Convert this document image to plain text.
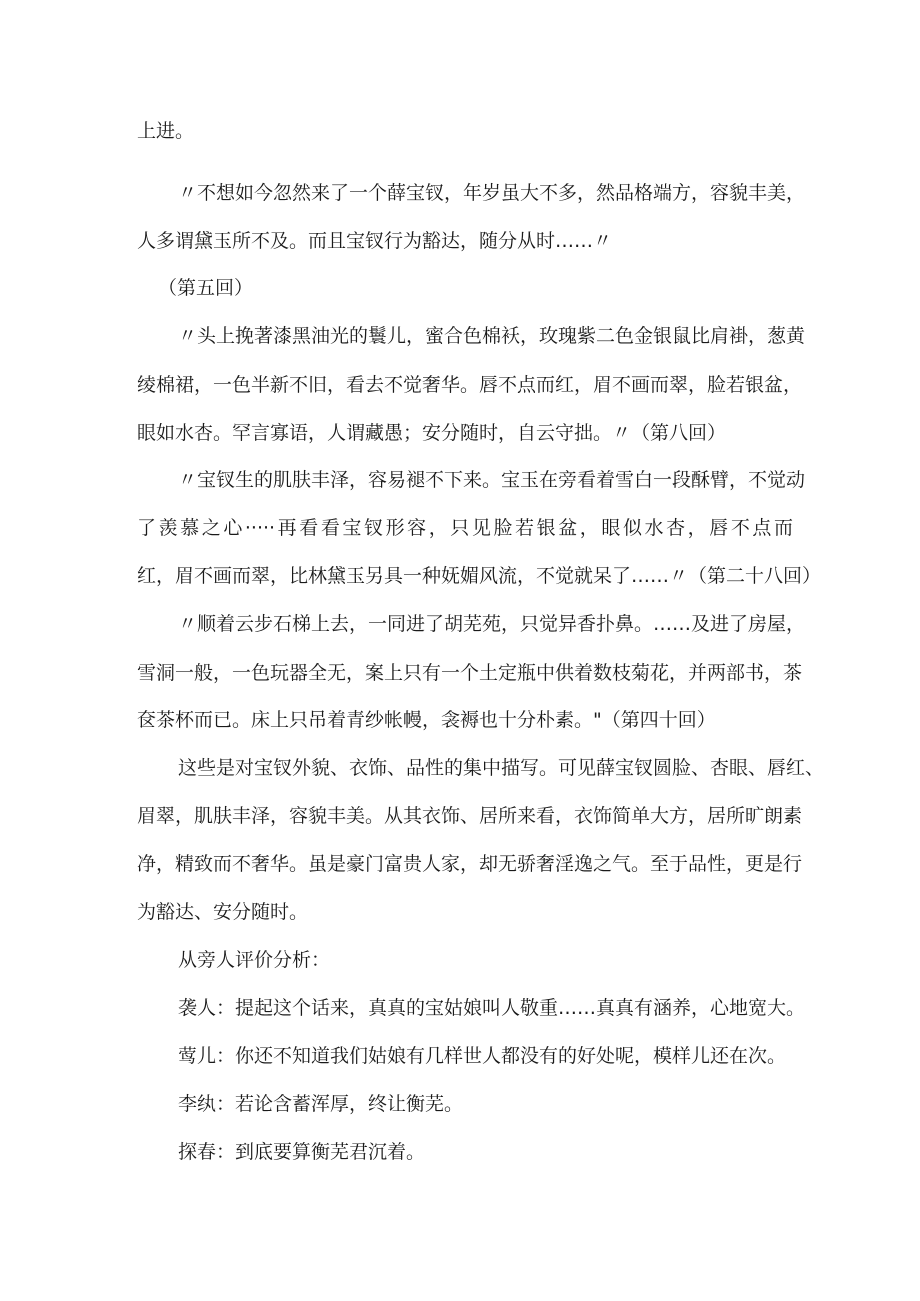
上进。

〃不想如今忽然来了一个薛宝钗，年岁虽大不多，然品格端方，容貌丰美，

人多谓黛玉所不及。而且宝钗行为豁达，随分从时……〃

（第五回）

〃头上挽著漆黑油光的鬟儿，蜜合色棉袄，玫瑰紫二色金银鼠比肩褂，葱黄

绫棉裙，一色半新不旧，看去不觉奢华。唇不点而红，眉不画而翠，脸若银盆，

眼如水杏。罕言寡语，人谓藏愚；安分随时，自云守拙。〃（第八回）

〃宝钗生的肌肤丰泽，容易褪不下来。宝玉在旁看着雪白一段酥臂，不觉动

了羡慕之心·····再看看宝钗形容，只见脸若银盆，眼似水杏，唇不点而

红，眉不画而翠，比林黛玉另具一种妩媚风流，不觉就呆了……〃（第二十八回）

〃顺着云步石梯上去，一同进了胡芜苑，只觉异香扑鼻。……及进了房屋，

雪洞一般，一色玩器全无，案上只有一个土定瓶中供着数枝菊花，并两部书，茶

奁茶杯而已。床上只吊着青纱帐幔，衾褥也十分朴素。"（第四十回）

这些是对宝钗外貌、衣饰、品性的集中描写。可见薛宝钗圆脸、杏眼、唇红、

眉翠，肌肤丰泽，容貌丰美。从其衣饰、居所来看，衣饰简单大方，居所旷朗素

净，精致而不奢华。虽是豪门富贵人家，却无骄奢淫逸之气。至于品性，更是行

为豁达、安分随时。

从旁人评价分析：

袭人：提起这个话来，真真的宝姑娘叫人敬重……真真有涵养，心地宽大。

莺儿：你还不知道我们姑娘有几样世人都没有的好处呢，模样儿还在次。

李纨：若论含蓄浑厚，终让衡芜。

探春：到底要算衡芜君沉着。
